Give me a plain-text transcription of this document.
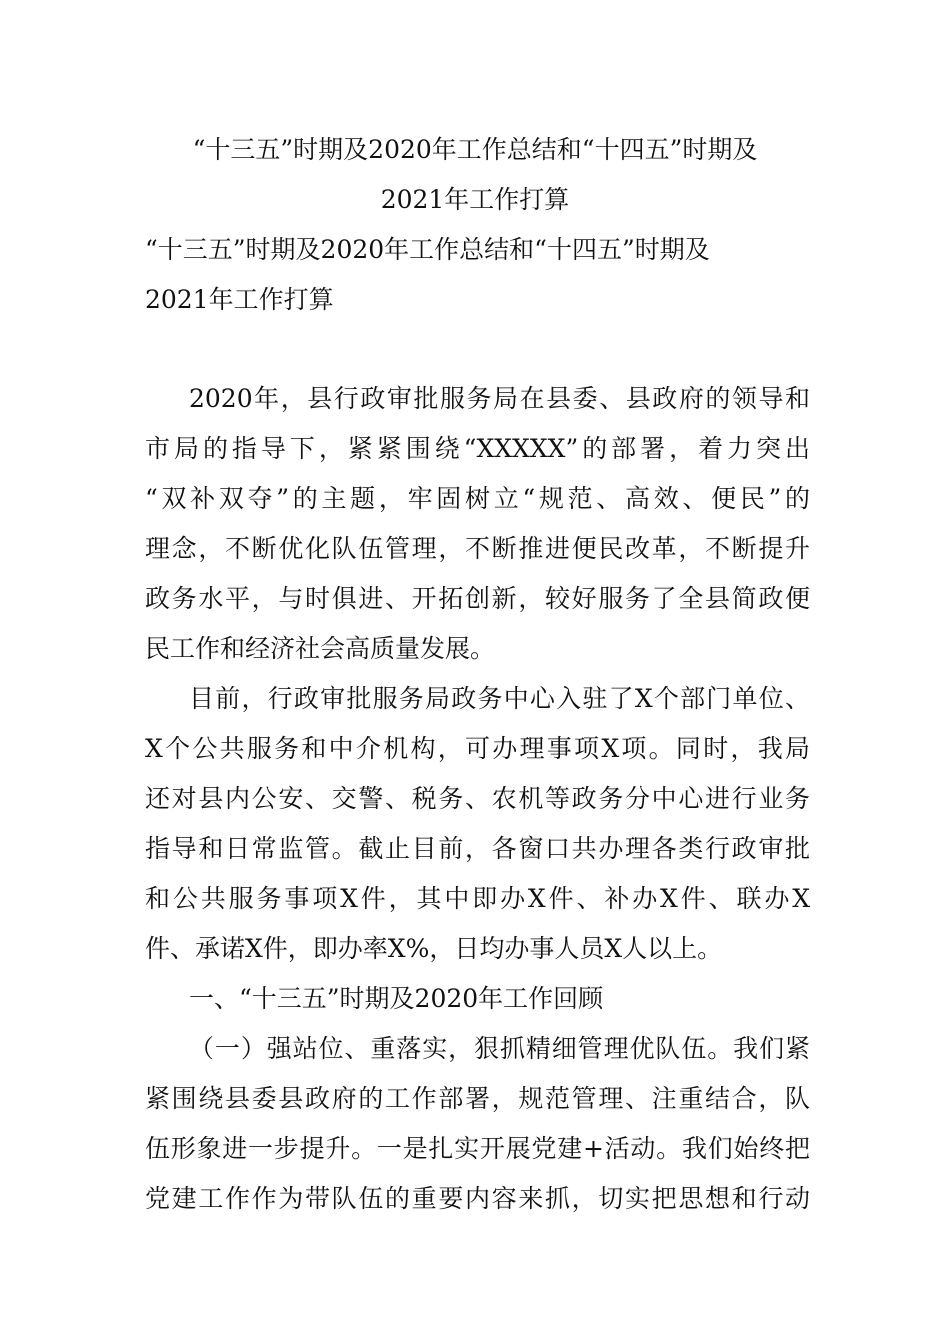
“十三五”时期及2020年工作总结和“十四五”时期及
2021年工作打算
“十三五”时期及2020年工作总结和“十四五”时期及
2021年工作打算
2020年，县行政审批服务局在县委、县政府的领导和
市局的指导下，紧紧围绕“XXXXX”的部署，着力突出
“双补双夺”的主题，牢固树立“规范、高效、便民”的
理念，不断优化队伍管理，不断推进便民改革，不断提升
政务水平，与时俱进、开拓创新，较好服务了全县简政便
民工作和经济社会高质量发展。
目前，行政审批服务局政务中心入驻了X个部门单位、
X个公共服务和中介机构，可办理事项X项。同时，我局
还对县内公安、交警、税务、农机等政务分中心进行业务
指导和日常监管。截止目前，各窗口共办理各类行政审批
和公共服务事项X件，其中即办X件、补办X件、联办X
件、承诺X件，即办率X%，日均办事人员X人以上。
一、“十三五”时期及2020年工作回顾
（一）强站位、重落实，狠抓精细管理优队伍。我们紧
紧围绕县委县政府的工作部署，规范管理、注重结合，队
伍形象进一步提升。一是扎实开展党建+活动。我们始终把
党建工作作为带队伍的重要内容来抓，切实把思想和行动
